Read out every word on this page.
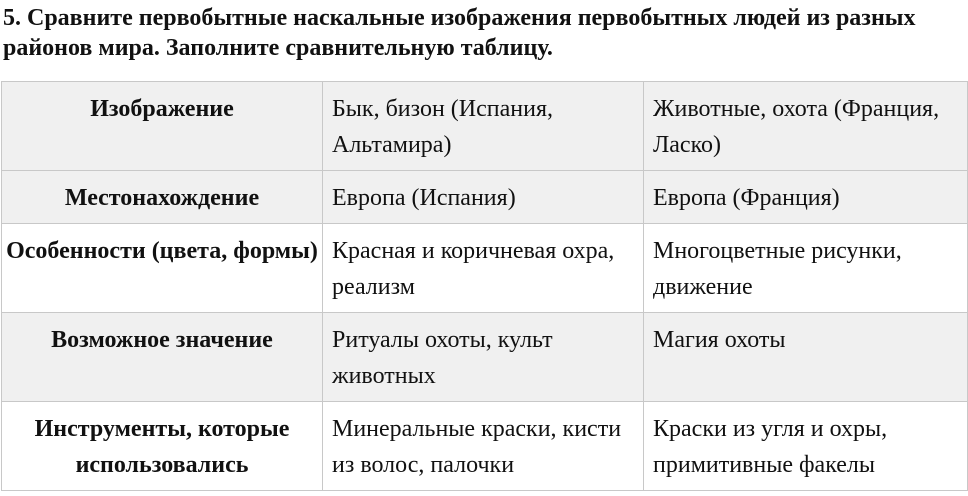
5. Сравните первобытные наскальные изображения первобытных людей из разных районов мира. Заполните сравнительную таблицу.

Изображение	Бык, бизон (Испания, Альтамира)	Животные, охота (Франция, Ласко)
Местонахождение	Европа (Испания)	Европа (Франция)
Особенности (цвета, формы)	Красная и коричневая охра, реализм	Многоцветные рисунки, движение
Возможное значение	Ритуалы охоты, культ животных	Магия охоты
Инструменты, которые использовались	Минеральные краски, кисти из волос, палочки	Краски из угля и охры, примитивные факелы
